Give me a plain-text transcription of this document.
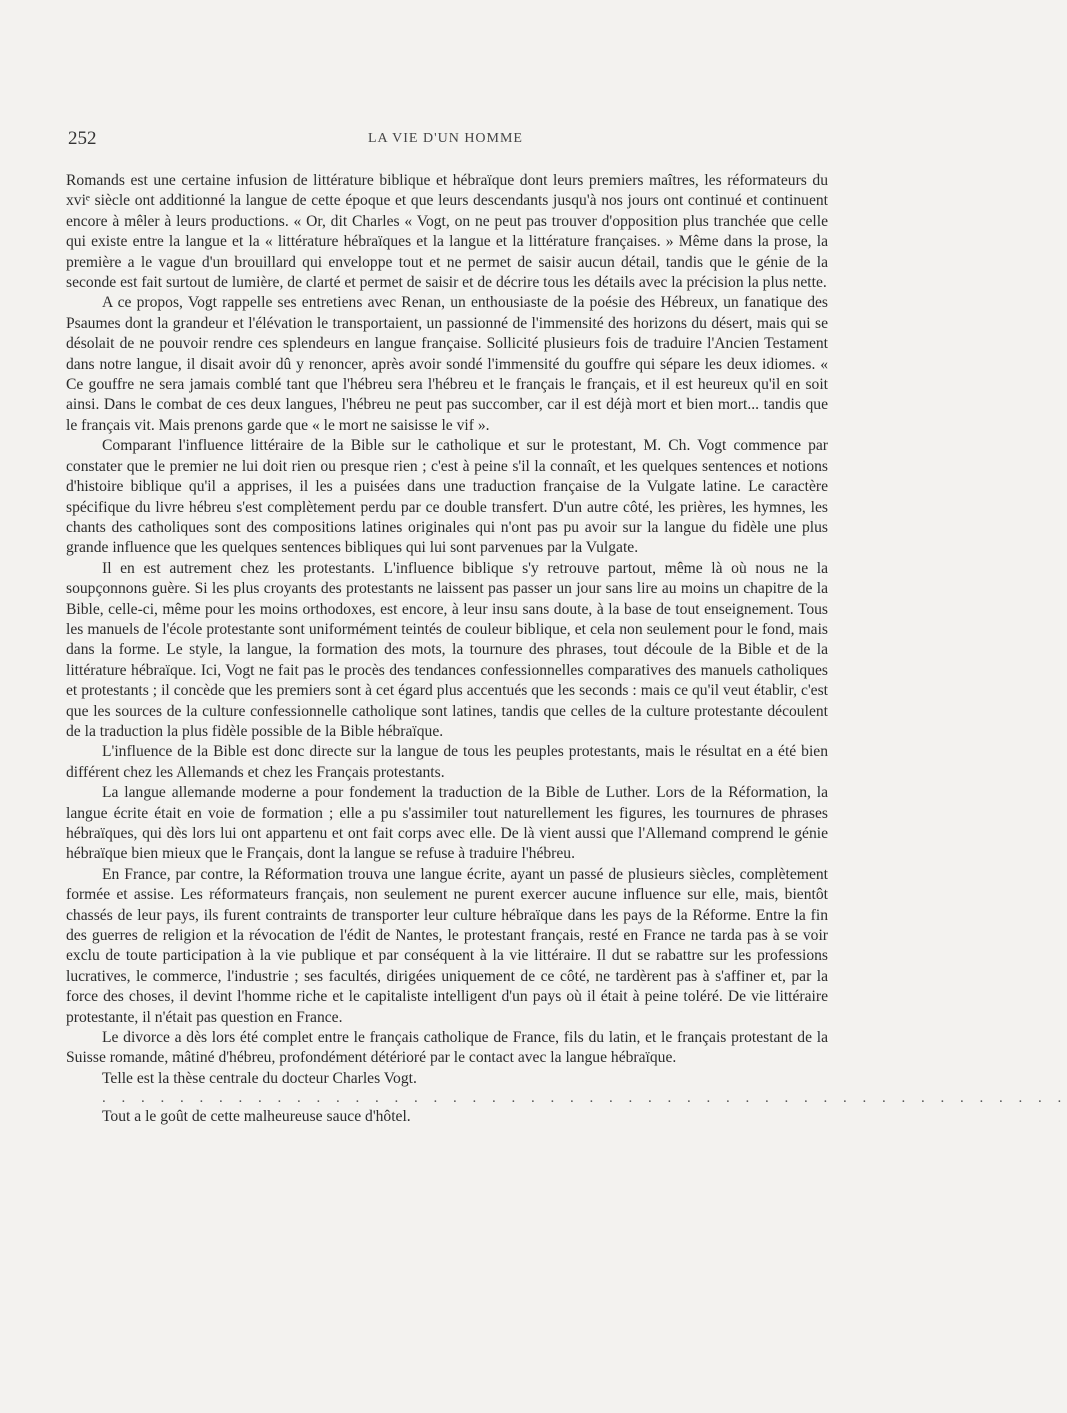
252	LA VIE D'UN HOMME

Romands est une certaine infusion de littérature biblique et hébraïque dont leurs premiers maîtres, les réformateurs du xviᵉ siècle ont additionné la langue de cette époque et que leurs descendants jusqu'à nos jours ont continué et continuent encore à mêler à leurs productions. « Or, dit Charles « Vogt, on ne peut pas trouver d'opposition plus tranchée que celle qui existe entre la langue et la « littérature hébraïques et la langue et la littérature françaises. » Même dans la prose, la première a le vague d'un brouillard qui enveloppe tout et ne permet de saisir aucun détail, tandis que le génie de la seconde est fait surtout de lumière, de clarté et permet de saisir et de décrire tous les détails avec la précision la plus nette.

A ce propos, Vogt rappelle ses entretiens avec Renan, un enthousiaste de la poésie des Hébreux, un fanatique des Psaumes dont la grandeur et l'élévation le transportaient, un passionné de l'immensité des horizons du désert, mais qui se désolait de ne pouvoir rendre ces splendeurs en langue française. Sollicité plusieurs fois de traduire l'Ancien Testament dans notre langue, il disait avoir dû y renoncer, après avoir sondé l'immensité du gouffre qui sépare les deux idiomes. « Ce gouffre ne sera jamais comblé tant que l'hébreu sera l'hébreu et le français le français, et il est heureux qu'il en soit ainsi. Dans le combat de ces deux langues, l'hébreu ne peut pas succomber, car il est déjà mort et bien mort... tandis que le français vit. Mais prenons garde que « le mort ne saisisse le vif ».

Comparant l'influence littéraire de la Bible sur le catholique et sur le protestant, M. Ch. Vogt commence par constater que le premier ne lui doit rien ou presque rien ; c'est à peine s'il la connaît, et les quelques sentences et notions d'histoire biblique qu'il a apprises, il les a puisées dans une traduction française de la Vulgate latine. Le caractère spécifique du livre hébreu s'est complètement perdu par ce double transfert. D'un autre côté, les prières, les hymnes, les chants des catholiques sont des compositions latines originales qui n'ont pas pu avoir sur la langue du fidèle une plus grande influence que les quelques sentences bibliques qui lui sont parvenues par la Vulgate.

Il en est autrement chez les protestants. L'influence biblique s'y retrouve partout, même là où nous ne la soupçonnons guère. Si les plus croyants des protestants ne laissent pas passer un jour sans lire au moins un chapitre de la Bible, celle-ci, même pour les moins orthodoxes, est encore, à leur insu sans doute, à la base de tout enseignement. Tous les manuels de l'école protestante sont uniformément teintés de couleur biblique, et cela non seulement pour le fond, mais dans la forme. Le style, la langue, la formation des mots, la tournure des phrases, tout découle de la Bible et de la littérature hébraïque. Ici, Vogt ne fait pas le procès des tendances confessionnelles comparatives des manuels catholiques et protestants ; il concède que les premiers sont à cet égard plus accentués que les seconds : mais ce qu'il veut établir, c'est que les sources de la culture confessionnelle catholique sont latines, tandis que celles de la culture protestante découlent de la traduction la plus fidèle possible de la Bible hébraïque.

L'influence de la Bible est donc directe sur la langue de tous les peuples protestants, mais le résultat en a été bien différent chez les Allemands et chez les Français protestants.

La langue allemande moderne a pour fondement la traduction de la Bible de Luther. Lors de la Réformation, la langue écrite était en voie de formation ; elle a pu s'assimiler tout naturellement les figures, les tournures de phrases hébraïques, qui dès lors lui ont appartenu et ont fait corps avec elle. De là vient aussi que l'Allemand comprend le génie hébraïque bien mieux que le Français, dont la langue se refuse à traduire l'hébreu.

En France, par contre, la Réformation trouva une langue écrite, ayant un passé de plusieurs siècles, complètement formée et assise. Les réformateurs français, non seulement ne purent exercer aucune influence sur elle, mais, bientôt chassés de leur pays, ils furent contraints de transporter leur culture hébraïque dans les pays de la Réforme. Entre la fin des guerres de religion et la révocation de l'édit de Nantes, le protestant français, resté en France ne tarda pas à se voir exclu de toute participation à la vie publique et par conséquent à la vie littéraire. Il dut se rabattre sur les professions lucratives, le commerce, l'industrie ; ses facultés, dirigées uniquement de ce côté, ne tardèrent pas à s'affiner et, par la force des choses, il devint l'homme riche et le capitaliste intelligent d'un pays où il était à peine toléré. De vie littéraire protestante, il n'était pas question en France.

Le divorce a dès lors été complet entre le français catholique de France, fils du latin, et le français protestant de la Suisse romande, mâtiné d'hébreu, profondément détérioré par le contact avec la langue hébraïque.

Telle est la thèse centrale du docteur Charles Vogt.

. . . . . . . . . . . . . . . . . . . . . . . . . . . . . . . . . . . . . . . . . . . . . . . . . .

Tout a le goût de cette malheureuse sauce d'hôtel.
